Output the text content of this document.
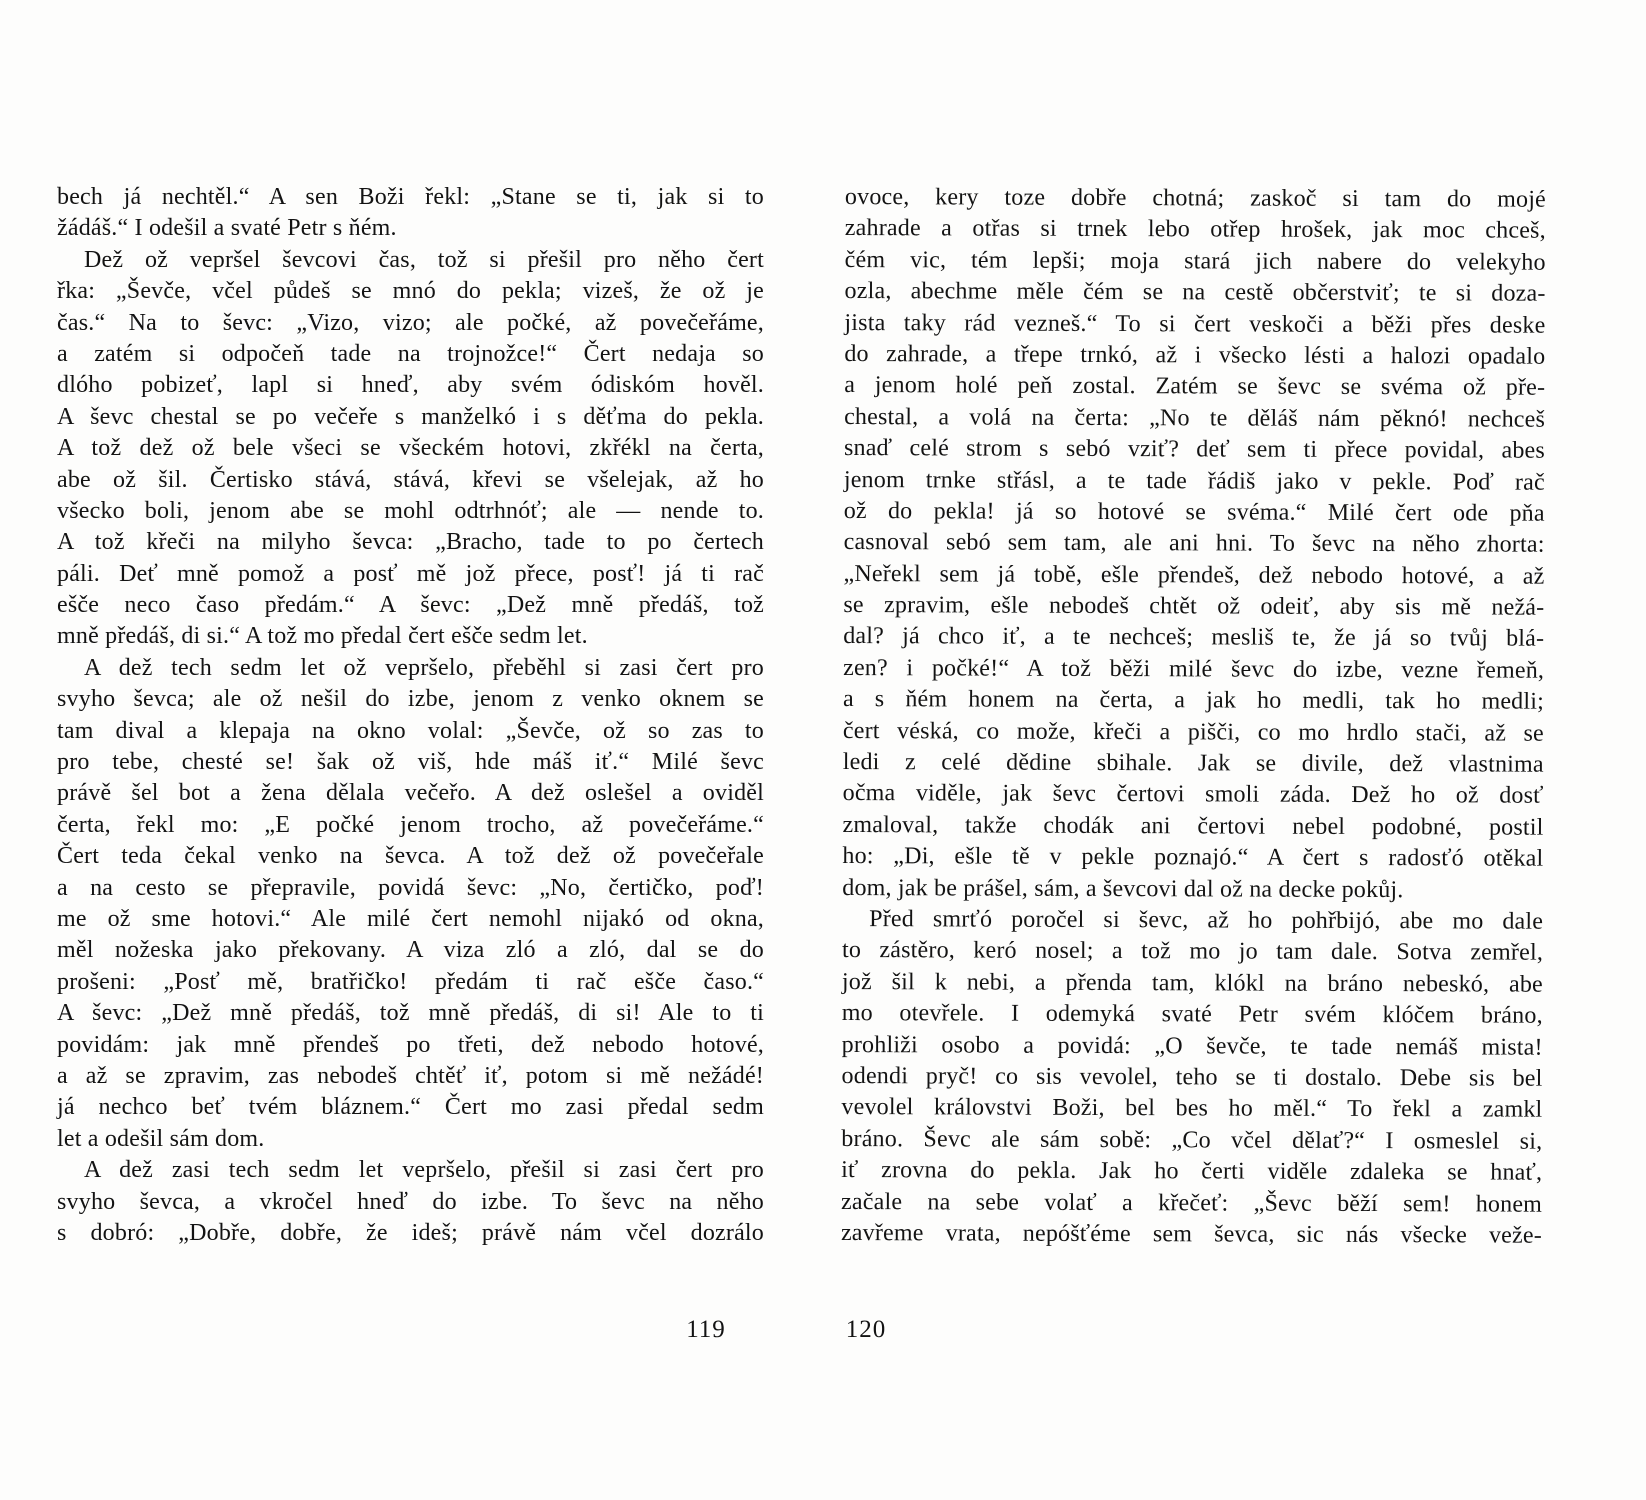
bech já nechtěl.“ A sen Boži řekl: „Stane se ti, jak si to
žádáš.“ I odešil a svaté Petr s ňém.
Dež ož vepršel ševcovi čas, tož si přešil pro něho čert
řka: „Ševče, včel půdeš se mnó do pekla; vizeš, že ož je
čas.“ Na to ševc: „Vizo, vizo; ale počké, až povečeřáme,
a zatém si odpočeň tade na trojnožce!“ Čert nedaja so
dlóho pobizeť, lapl si hneď, aby svém ódiskóm hověl.
A ševc chestal se po večeře s manželkó i s děťma do pekla.
A tož dež ož bele všeci se všeckém hotovi, zkřékl na čerta,
abe ož šil. Čertisko stává, stává, křevi se všelejak, až ho
všecko boli, jenom abe se mohl odtrhnóť; ale — nende to.
A tož křeči na milyho ševca: „Bracho, tade to po čertech
páli. Deť mně pomož a posť mě jož přece, posť! já ti rač
ešče neco časo předám.“ A ševc: „Dež mně předáš, tož
mně předáš, di si.“ A tož mo předal čert ešče sedm let.
A dež tech sedm let ož vepršelo, přeběhl si zasi čert pro
svyho ševca; ale ož nešil do izbe, jenom z venko oknem se
tam dival a klepaja na okno volal: „Ševče, ož so zas to
pro tebe, chesté se! šak ož viš, hde máš iť.“ Milé ševc
právě šel bot a žena dělala večeřo. A dež oslešel a oviděl
čerta, řekl mo: „E počké jenom trocho, až povečeřáme.“
Čert teda čekal venko na ševca. A tož dež ož povečeřale
a na cesto se přepravile, povidá ševc: „No, čertičko, poď!
me ož sme hotovi.“ Ale milé čert nemohl nijakó od okna,
měl nožeska jako překovany. A viza zló a zló, dal se do
prošeni: „Posť mě, bratřičko! předám ti rač ešče časo.“
A ševc: „Dež mně předáš, tož mně předáš, di si! Ale to ti
povidám: jak mně přendeš po třeti, dež nebodo hotové,
a až se zpravim, zas nebodeš chtěť iť, potom si mě nežádé!
já nechco beť tvém bláznem.“ Čert mo zasi předal sedm
let a odešil sám dom.
A dež zasi tech sedm let vepršelo, přešil si zasi čert pro
svyho ševca, a vkročel hneď do izbe. To ševc na něho
s dobró: „Dobře, dobře, že ideš; právě nám včel dozrálo
ovoce, kery toze dobře chotná; zaskoč si tam do mojé
zahrade a otřas si trnek lebo otřep hrošek, jak moc chceš,
čém vic, tém lepši; moja stará jich nabere do velekyho
ozla, abechme měle čém se na cestě občerstviť; te si doza-
jista taky rád vezneš.“ To si čert veskoči a běži přes deske
do zahrade, a třepe trnkó, až i všecko lésti a halozi opadalo
a jenom holé peň zostal. Zatém se ševc se svéma ož pře-
chestal, a volá na čerta: „No te děláš nám pěknó! nechceš
snaď celé strom s sebó vziť? deť sem ti přece povidal, abes
jenom trnke střásl, a te tade řádiš jako v pekle. Poď rač
ož do pekla! já so hotové se svéma.“ Milé čert ode pňa
casnoval sebó sem tam, ale ani hni. To ševc na něho zhorta:
„Neřekl sem já tobě, ešle přendeš, dež nebodo hotové, a až
se zpravim, ešle nebodeš chtět ož odeiť, aby sis mě nežá-
dal? já chco iť, a te nechceš; mesliš te, že já so tvůj blá-
zen? i počké!“ A tož běži milé ševc do izbe, vezne řemeň,
a s ňém honem na čerta, a jak ho medli, tak ho medli;
čert véská, co može, křeči a pišči, co mo hrdlo stači, až se
ledi z celé dědine sbihale. Jak se divile, dež vlastnima
očma viděle, jak ševc čertovi smoli záda. Dež ho ož dosť
zmaloval, takže chodák ani čertovi nebel podobné, postil
ho: „Di, ešle tě v pekle poznajó.“ A čert s radosťó otěkal
dom, jak be prášel, sám, a ševcovi dal ož na decke pokůj.
Před smrťó poročel si ševc, až ho pohřbijó, abe mo dale
to zástěro, keró nosel; a tož mo jo tam dale. Sotva zemřel,
jož šil k nebi, a přenda tam, klókl na bráno nebeskó, abe
mo otevřele. I odemyká svaté Petr svém klóčem bráno,
prohliži osobo a povidá: „O ševče, te tade nemáš mista!
odendi pryč! co sis vevolel, teho se ti dostalo. Debe sis bel
vevolel královstvi Boži, bel bes ho měl.“ To řekl a zamkl
bráno. Ševc ale sám sobě: „Co včel dělať?“ I osmeslel si,
iť zrovna do pekla. Jak ho čerti viděle zdaleka se hnať,
začale na sebe volať a křečeť: „Ševc běží sem! honem
zavřeme vrata, nepóšťéme sem ševca, sic nás všecke veže-
119	120
